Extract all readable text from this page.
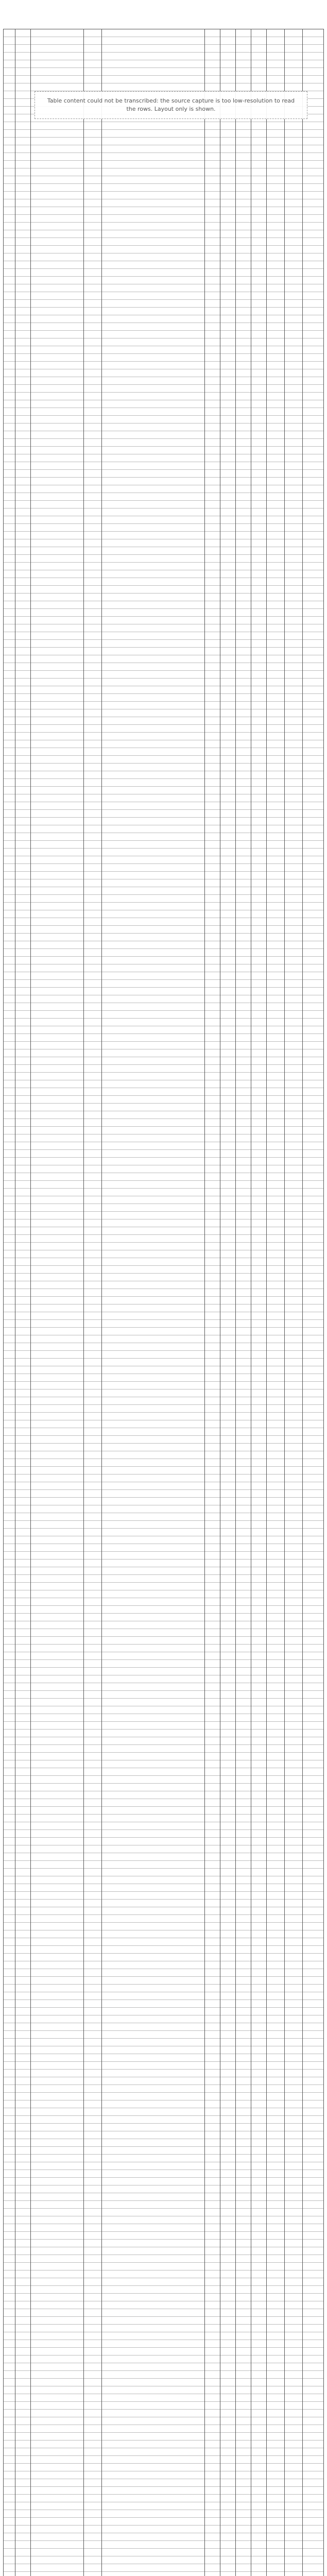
Table content could not be transcribed: the source capture is too low-resolution to read the rows. Layout only is shown.
